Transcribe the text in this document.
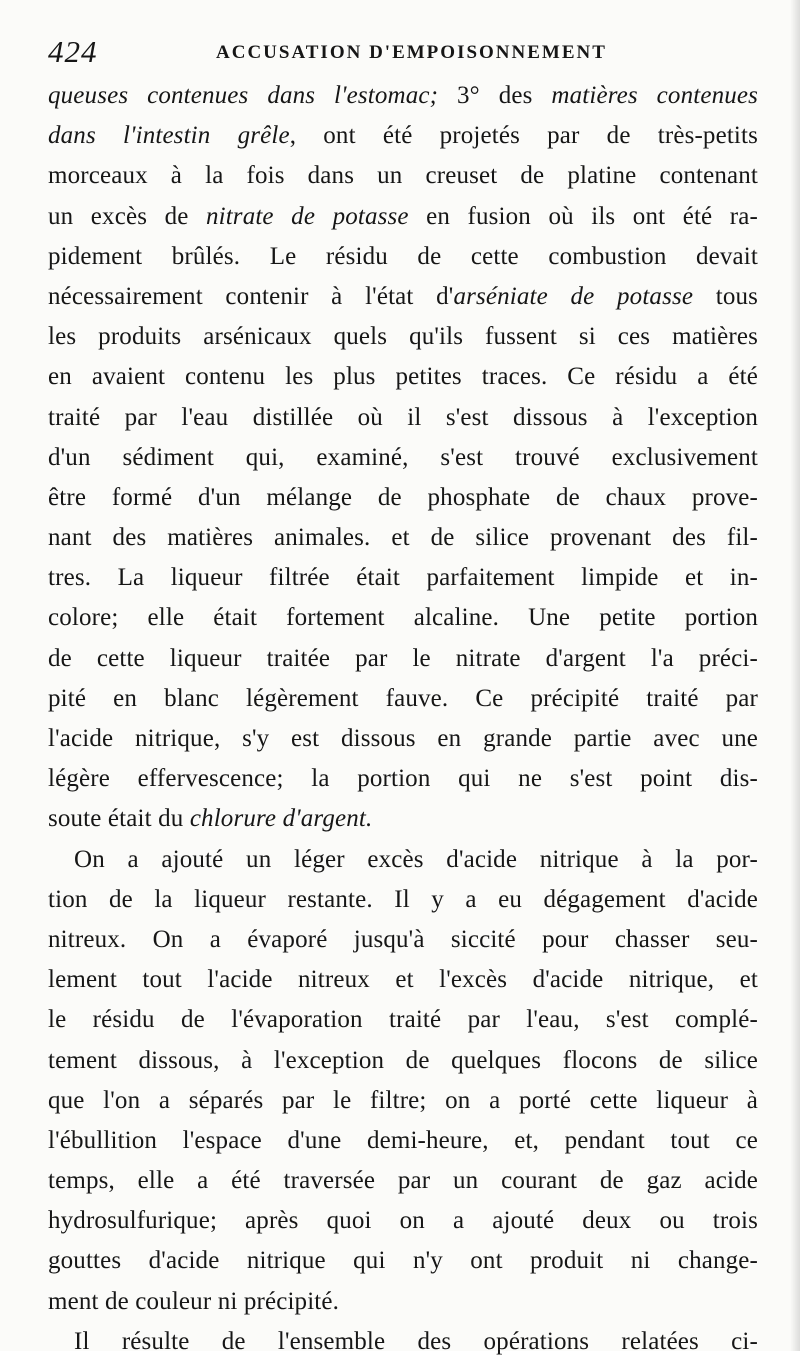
424	ACCUSATION D'EMPOISONNEMENT
queuses contenues dans l'estomac; 3° des matières contenues
dans l'intestin grêle, ont été projetés par de très-petits
morceaux à la fois dans un creuset de platine contenant
un excès de nitrate de potasse en fusion où ils ont été ra-
pidement brûlés. Le résidu de cette combustion devait
nécessairement contenir à l'état d'arséniate de potasse tous
les produits arsénicaux quels qu'ils fussent si ces matières
en avaient contenu les plus petites traces. Ce résidu a été
traité par l'eau distillée où il s'est dissous à l'exception
d'un sédiment qui, examiné, s'est trouvé exclusivement
être formé d'un mélange de phosphate de chaux prove-
nant des matières animales. et de silice provenant des fil-
tres. La liqueur filtrée était parfaitement limpide et in-
colore; elle était fortement alcaline. Une petite portion
de cette liqueur traitée par le nitrate d'argent l'a préci-
pité en blanc légèrement fauve. Ce précipité traité par
l'acide nitrique, s'y est dissous en grande partie avec une
légère effervescence; la portion qui ne s'est point dis-
soute était du chlorure d'argent.
On a ajouté un léger excès d'acide nitrique à la por-
tion de la liqueur restante. Il y a eu dégagement d'acide
nitreux. On a évaporé jusqu'à siccité pour chasser seu-
lement tout l'acide nitreux et l'excès d'acide nitrique, et
le résidu de l'évaporation traité par l'eau, s'est complé-
tement dissous, à l'exception de quelques flocons de silice
que l'on a séparés par le filtre; on a porté cette liqueur à
l'ébullition l'espace d'une demi-heure, et, pendant tout ce
temps, elle a été traversée par un courant de gaz acide
hydrosulfurique; après quoi on a ajouté deux ou trois
gouttes d'acide nitrique qui n'y ont produit ni change-
ment de couleur ni précipité.
Il résulte de l'ensemble des opérations relatées ci-
